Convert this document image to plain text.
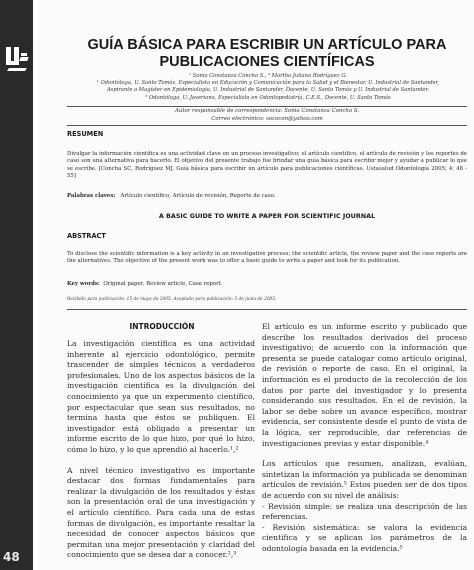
48
GUÍA BÁSICA PARA ESCRIBIR UN ARTÍCULO PARA PUBLICACIONES CIENTÍFICAS
¹ Sonia Constanza Concha S., ² Martha Juliana Rodríguez G.
¹ Odontóloga, U. Santo Tomás, Especialista en Educación y Comunicación para la Salud y el Bienestar, U. Industrial de Santander,
Aspirante a Magíster en Epidemiología, U. Industrial de Santander, Docente, U. Santo Tomás y U. Industrial de Santander.
² Odontóloga, U. Javeriana, Especialista en Odontopediatría, C.E.S., Docente, U. Santo Tomás
Autor responsable de correspondencia: Sonia Constanza Concha S.
Correo electrónico: sococon@yahoo.com
RESUMEN
Divulgar la información científica es una actividad clave en un proceso investigativo; el artículo científico, el artículo de revisión y los reportes de caso son una alternativa para hacerlo. El objetivo del presente trabajo fue brindar una guía básica para escribir mejor y ayudar a publicar lo que se escribe. [Concha SC, Rodríguez MJ. Guía básica para escribir un artículo para publicaciones científicas. Ustasalud Odontología 2005; 4: 48 - 55]
Palabras claves: Artículo científico, Artículo de revisión, Reporte de caso.
A BASIC GUIDE TO WRITE A PAPER FOR SCIENTIFIC JOURNAL
ABSTRACT
To disclose the scientific information is a key activity in an investigative process; the scientific article, the review paper and the case reports are the alternatives. The objective of the present work was to offer a basic guide to write a paper and look for its publication.
Key words: Original paper, Review article, Case report.
Recibido para publicación: 15 de mayo de 2005. Aceptado para publicación: 5 de junio de 2005.
INTRODUCCIÓN

La investigación científica es una actividad inherente al ejercicio odontológico, permite trascender de simples técnicos a verdaderos profesionales. Uno de los aspectos básicos de la investigación científica es la divulgación del conocimiento ya que un experimento científico, por espectacular que sean sus resultados, no termina hasta que éstos se publiquen. El investigador está obligado a presentar un informe escrito de lo que hizo, por qué lo hizo, cómo lo hizo, y lo que aprendió al hacerlo.¹,²

A nivel técnico investigativo es importante destacar dos formas fundamentales para realizar la divulgación de los resultados y éstas son la presentación oral de una investigación y el artículo científico. Para cada una de estas formas de divulgación, es importante resaltar la necesidad de conocer aspectos básicos que permitan una mejor presentación y claridad del conocimiento que se desea dar a conocer.²,³

El artículo es un informe escrito y publicado que describe los resultados derivados del proceso investigativo; de acuerdo con la información que presenta se puede catalogar como artículo original, de revisión o reporte de caso. En el original, la información es el producto de la recolección de los datos por parte del investigador y lo presenta considerando sus resultados. En el de revisión, la labor se debe sobre un avance específico, mostrar evidencia, ser consistente desde el punto de vista de la lógica, ser reproducible, dar referencias de investigaciones previas y estar disponible.⁴

Los artículos que resumen, analizan, evalúan, sintetizan la información ya publicada se denominan artículos de revisión.⁵ Estos pueden ser de dos tipos de acuerdo con su nivel de análisis:

- Revisión simple: se realiza una descripción de las referencias.

- Revisión sistemática: se valora la evidencia científica y se aplican los parámetros de la odontología basada en la evidencia.⁵
